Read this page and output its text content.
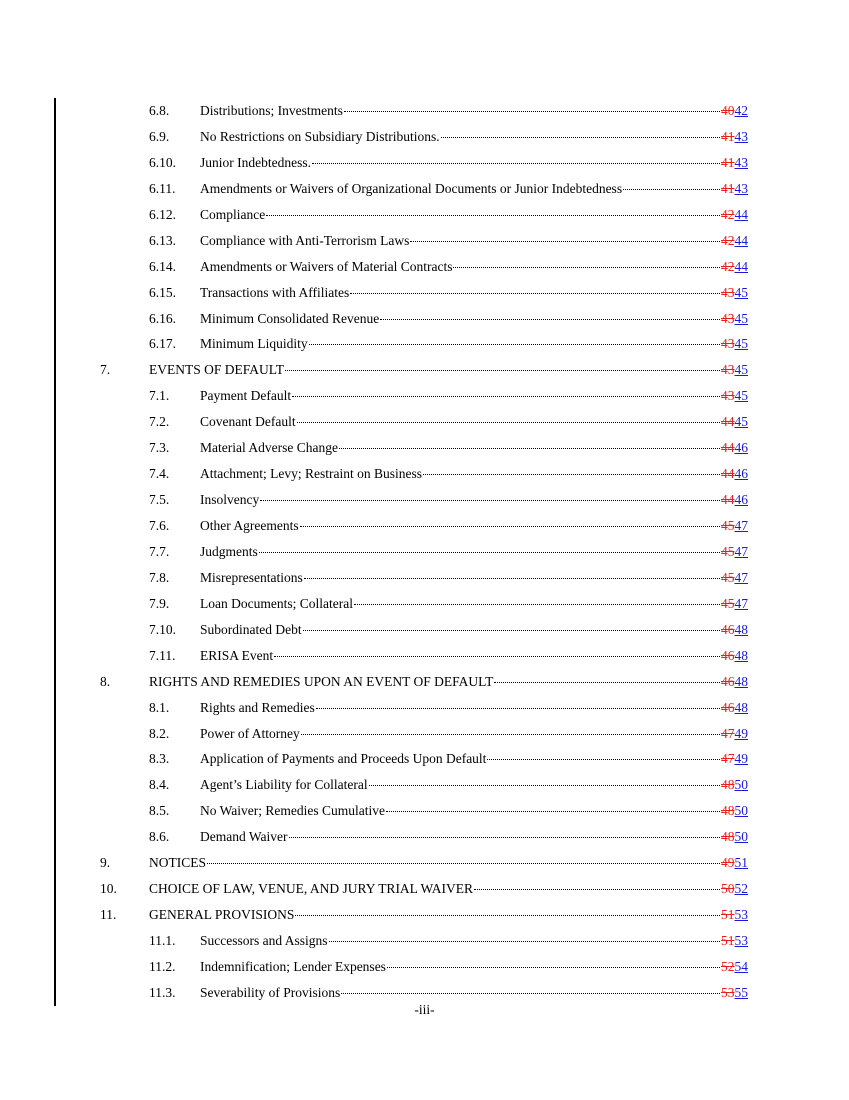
6.8. Distributions; Investments	4042
6.9. No Restrictions on Subsidiary Distributions.	4143
6.10. Junior Indebtedness.	4143
6.11. Amendments or Waivers of Organizational Documents or Junior Indebtedness	4143
6.12. Compliance	4244
6.13. Compliance with Anti-Terrorism Laws	4244
6.14. Amendments or Waivers of Material Contracts	4244
6.15. Transactions with Affiliates	4345
6.16. Minimum Consolidated Revenue	4345
6.17. Minimum Liquidity	4345
7.	EVENTS OF DEFAULT	4345
7.1. Payment Default	4345
7.2. Covenant Default	4445
7.3. Material Adverse Change	4446
7.4. Attachment; Levy; Restraint on Business	4446
7.5. Insolvency	4446
7.6. Other Agreements	4547
7.7. Judgments	4547
7.8. Misrepresentations	4547
7.9. Loan Documents; Collateral	4547
7.10. Subordinated Debt	4648
7.11. ERISA Event	4648
8.	RIGHTS AND REMEDIES UPON AN EVENT OF DEFAULT	4648
8.1. Rights and Remedies	4648
8.2. Power of Attorney	4749
8.3. Application of Payments and Proceeds Upon Default	4749
8.4. Agent’s Liability for Collateral	4850
8.5. No Waiver; Remedies Cumulative	4850
8.6. Demand Waiver	4850
9.	NOTICES	4951
10. CHOICE OF LAW, VENUE, AND JURY TRIAL WAIVER	5052
11. GENERAL PROVISIONS	5153
11.1. Successors and Assigns	5153
11.2. Indemnification; Lender Expenses	5254
11.3. Severability of Provisions	5355
-iii-
